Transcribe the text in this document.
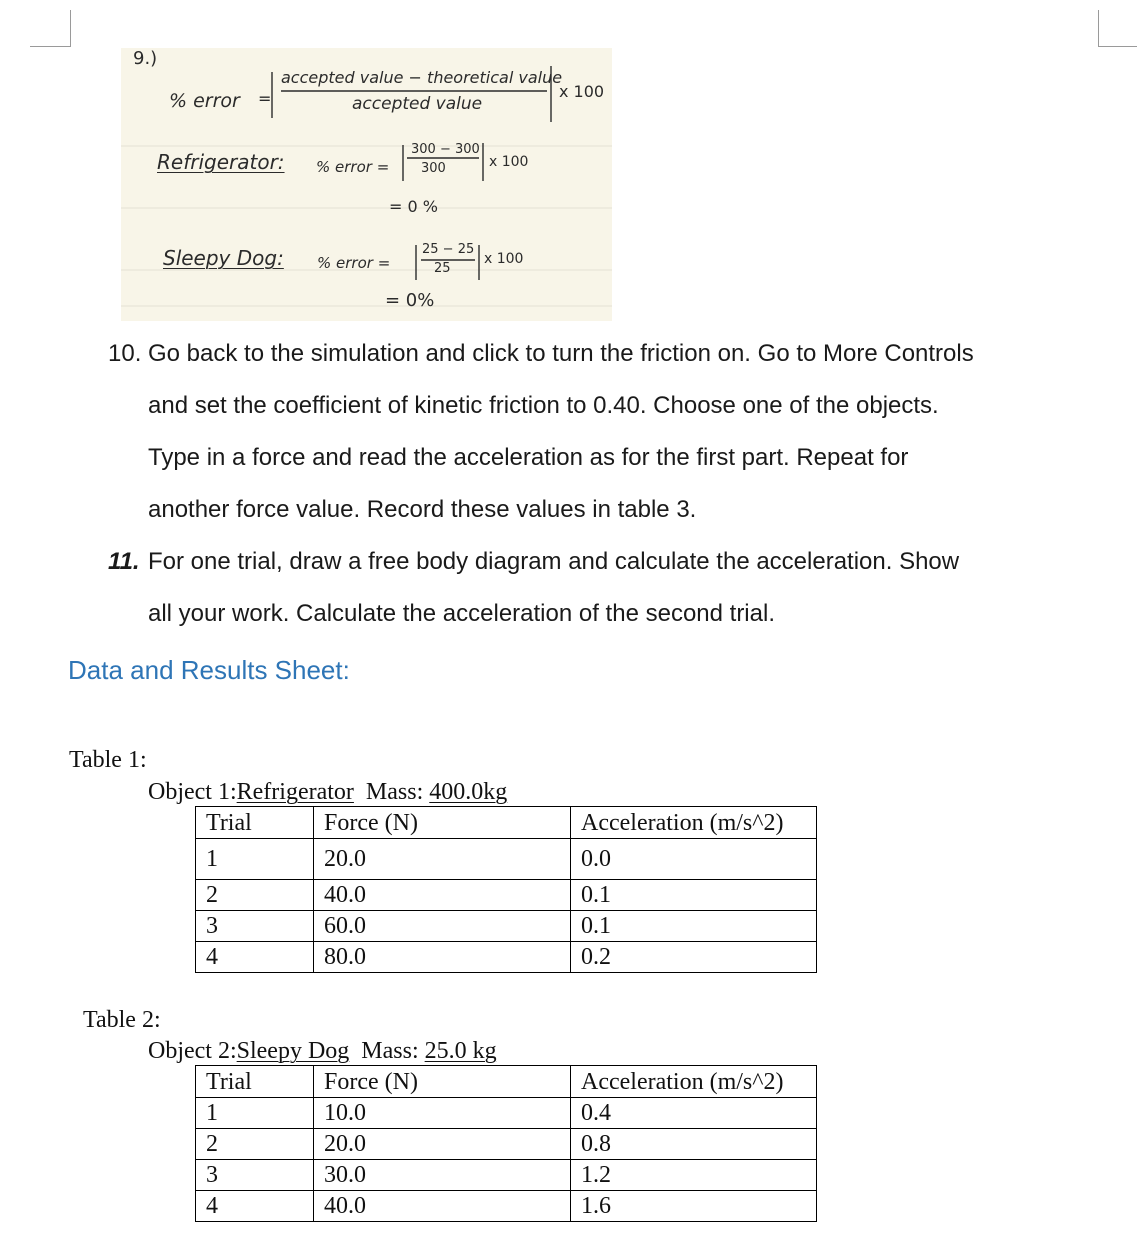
9.)
% error =
accepted value − theoretical value
accepted value
x 100
Refrigerator: % error =
300 − 300
300	x 100
= 0 %
Sleepy Dog: % error =
25 − 25
25
x 100
= 0%
10. Go back to the simulation and click to turn the friction on. Go to More Controls
and set the coefficient of kinetic friction to 0.40. Choose one of the objects.
Type in a force and read the acceleration as for the first part. Repeat for
another force value. Record these values in table 3.
11. For one trial, draw a free body diagram and calculate the acceleration. Show
all your work. Calculate the acceleration of the second trial.
Data and Results Sheet:
Table 1:
Object 1:Refrigerator Mass: 400.0kg
Trial	Force (N)	Acceleration (m/s^2)
1	20.0	0.0
2	40.0	0.1
3	60.0	0.1
4	80.0	0.2
Table 2:
Object 2:Sleepy Dog Mass: 25.0 kg
Trial	Force (N)	Acceleration (m/s^2)
1	10.0	0.4
2	20.0	0.8
3	30.0	1.2
4	40.0	1.6
